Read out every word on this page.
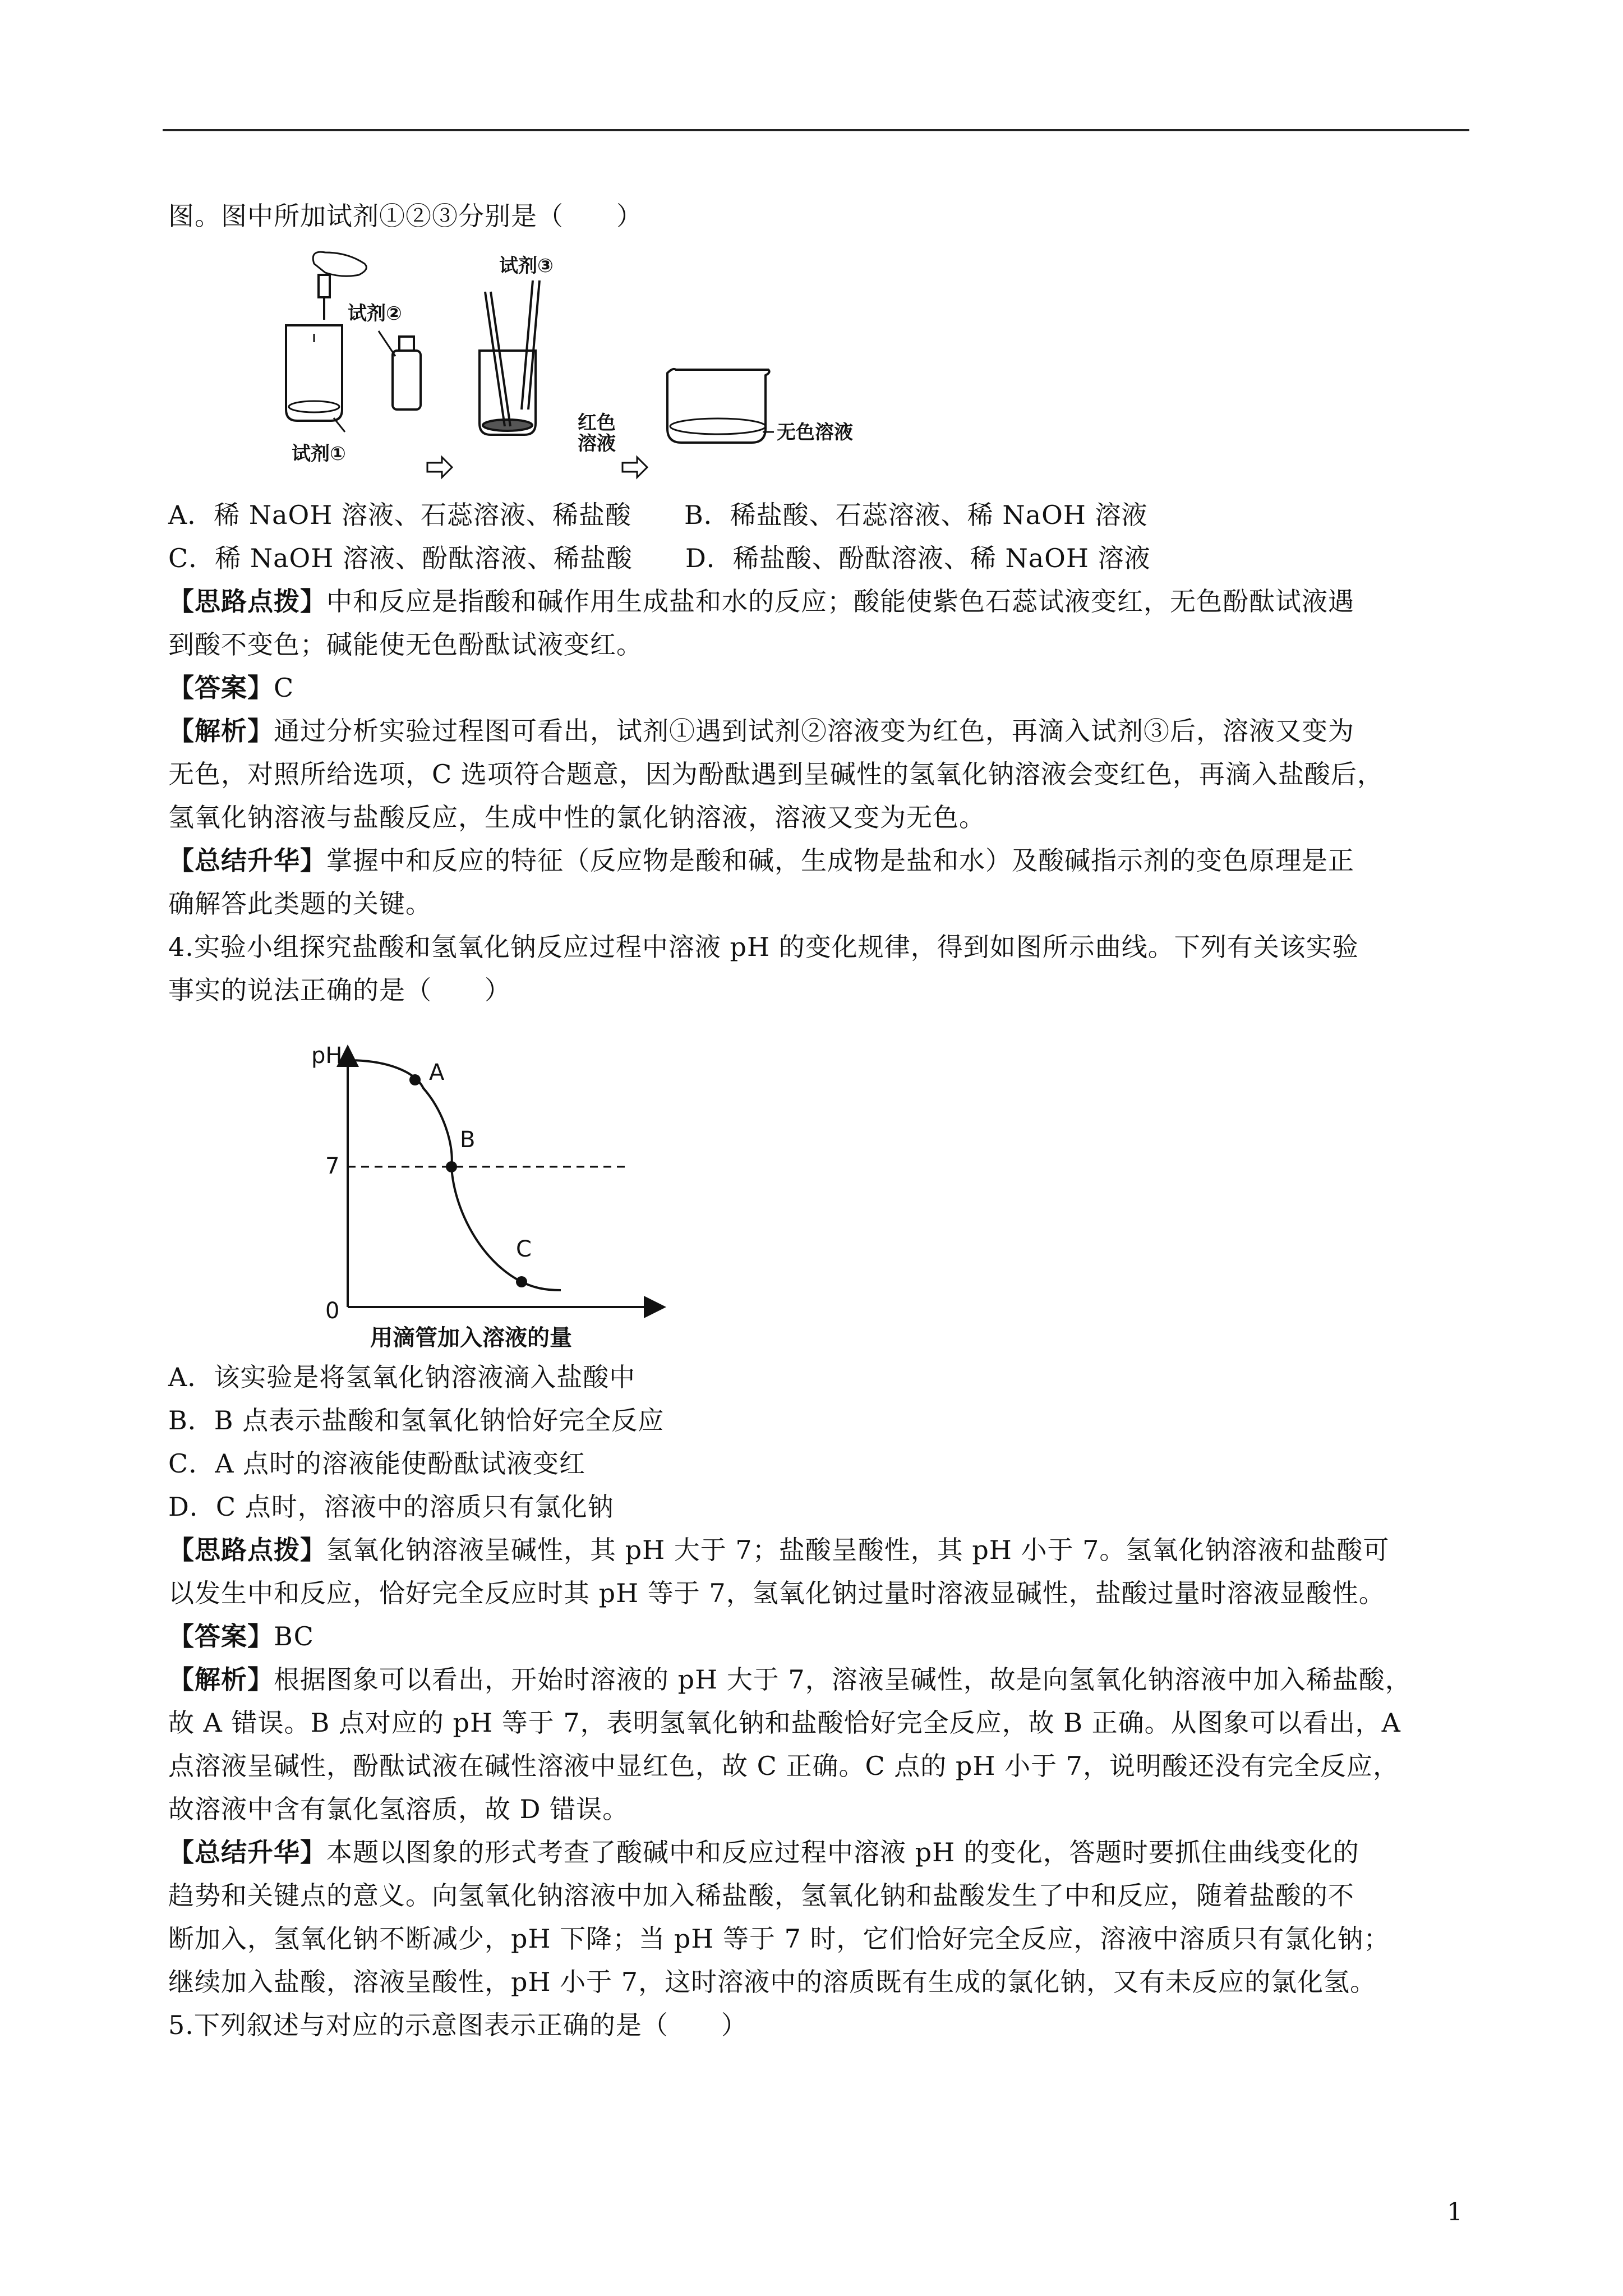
图。图中所加试剂①②③分别是（　　）
试剂②
试剂①
试剂③
红色
溶液	无色溶液
A．稀 NaOH 溶液、石蕊溶液、稀盐酸　　B．稀盐酸、石蕊溶液、稀 NaOH 溶液
C．稀 NaOH 溶液、酚酞溶液、稀盐酸　　D．稀盐酸、酚酞溶液、稀 NaOH 溶液
【思路点拨】中和反应是指酸和碱作用生成盐和水的反应；酸能使紫色石蕊试液变红，无色酚酞试液遇
到酸不变色；碱能使无色酚酞试液变红。
【答案】C
【解析】通过分析实验过程图可看出，试剂①遇到试剂②溶液变为红色，再滴入试剂③后，溶液又变为
无色，对照所给选项，C 选项符合题意，因为酚酞遇到呈碱性的氢氧化钠溶液会变红色，再滴入盐酸后，
氢氧化钠溶液与盐酸反应，生成中性的氯化钠溶液，溶液又变为无色。
【总结升华】掌握中和反应的特征（反应物是酸和碱，生成物是盐和水）及酸碱指示剂的变色原理是正
确解答此类题的关键。
4.实验小组探究盐酸和氢氧化钠反应过程中溶液 pH 的变化规律，得到如图所示曲线。下列有关该实验
事实的说法正确的是（　　）
pH
7
0
A
B
C
用滴管加入溶液的量
A．该实验是将氢氧化钠溶液滴入盐酸中
B．B 点表示盐酸和氢氧化钠恰好完全反应
C．A 点时的溶液能使酚酞试液变红
D．C 点时，溶液中的溶质只有氯化钠
【思路点拨】氢氧化钠溶液呈碱性，其 pH 大于 7；盐酸呈酸性，其 pH 小于 7。氢氧化钠溶液和盐酸可
以发生中和反应，恰好完全反应时其 pH 等于 7，氢氧化钠过量时溶液显碱性，盐酸过量时溶液显酸性。
【答案】BC
【解析】根据图象可以看出，开始时溶液的 pH 大于 7，溶液呈碱性，故是向氢氧化钠溶液中加入稀盐酸，
故 A 错误。B 点对应的 pH 等于 7，表明氢氧化钠和盐酸恰好完全反应，故 B 正确。从图象可以看出，A
点溶液呈碱性，酚酞试液在碱性溶液中显红色，故 C 正确。C 点的 pH 小于 7，说明酸还没有完全反应，
故溶液中含有氯化氢溶质，故 D 错误。
【总结升华】本题以图象的形式考查了酸碱中和反应过程中溶液 pH 的变化，答题时要抓住曲线变化的
趋势和关键点的意义。向氢氧化钠溶液中加入稀盐酸，氢氧化钠和盐酸发生了中和反应，随着盐酸的不
断加入，氢氧化钠不断减少，pH 下降；当 pH 等于 7 时，它们恰好完全反应，溶液中溶质只有氯化钠；
继续加入盐酸，溶液呈酸性，pH 小于 7，这时溶液中的溶质既有生成的氯化钠，又有未反应的氯化氢。
5.下列叙述与对应的示意图表示正确的是（　　）
1
